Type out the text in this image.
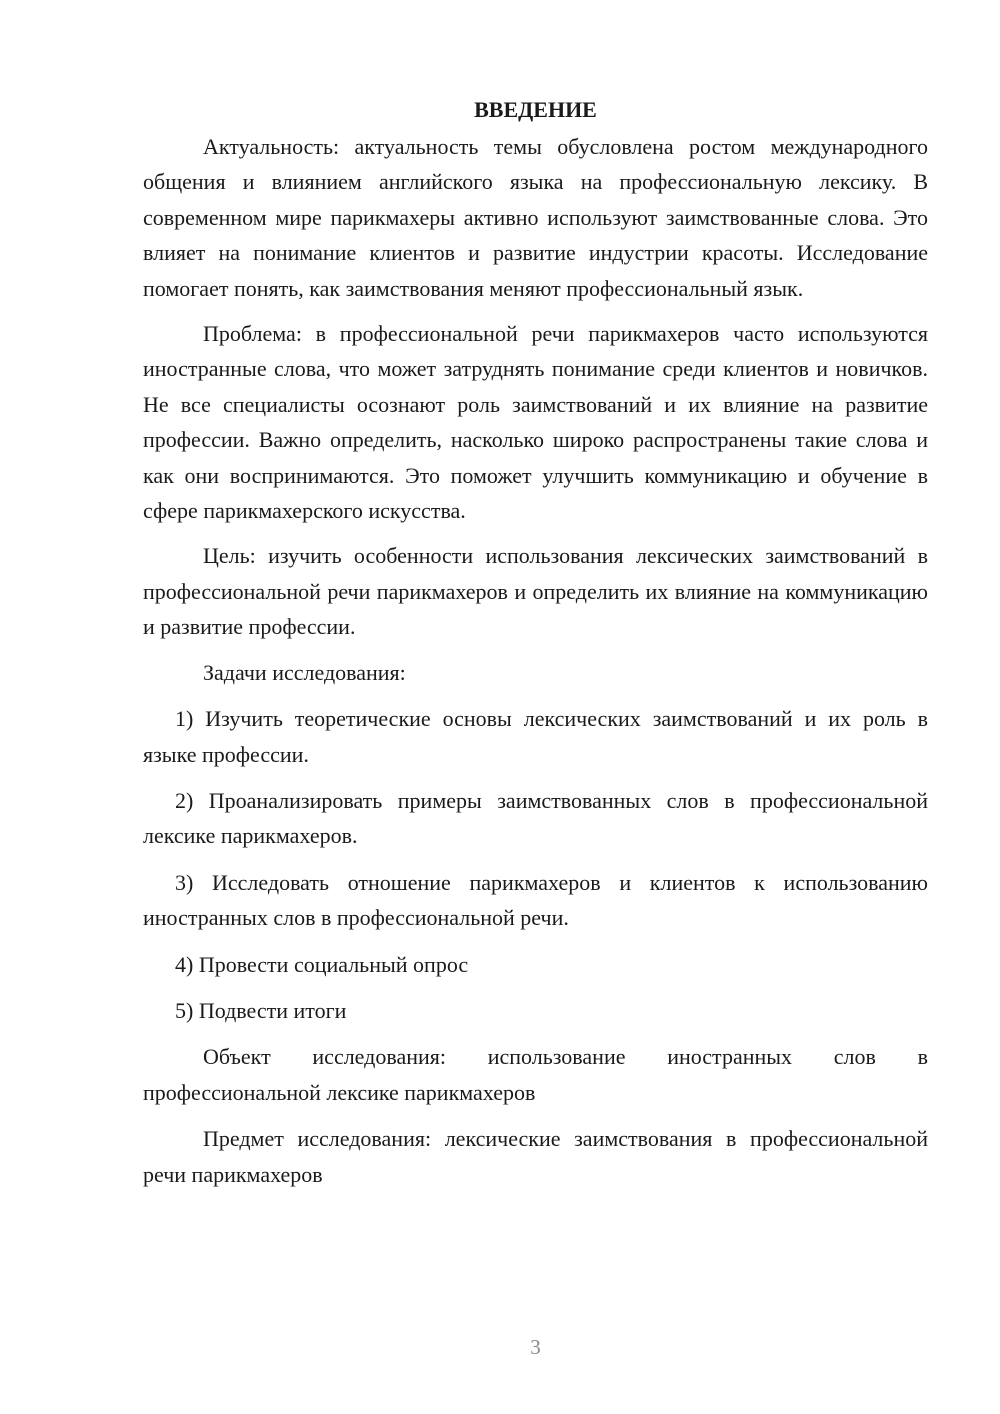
ВВЕДЕНИЕ

Актуальность: актуальность темы обусловлена ростом международного общения и влиянием английского языка на профессиональную лексику. В современном мире парикмахеры активно используют заимствованные слова. Это влияет на понимание клиентов и развитие индустрии красоты. Исследование помогает понять, как заимствования меняют профессиональный язык.

Проблема: в профессиональной речи парикмахеров часто используются иностранные слова, что может затруднять понимание среди клиентов и новичков. Не все специалисты осознают роль заимствований и их влияние на развитие профессии. Важно определить, насколько широко распространены такие слова и как они воспринимаются. Это поможет улучшить коммуникацию и обучение в сфере парикмахерского искусства.

Цель: изучить особенности использования лексических заимствований в профессиональной речи парикмахеров и определить их влияние на коммуникацию и развитие профессии.

Задачи исследования:

1) Изучить теоретические основы лексических заимствований и их роль в языке профессии.

2) Проанализировать примеры заимствованных слов в профессиональной лексике парикмахеров.

3) Исследовать отношение парикмахеров и клиентов к использованию иностранных слов в профессиональной речи.

4) Провести социальный опрос

5) Подвести итоги

Объект исследования: использование иностранных слов в профессиональной лексике парикмахеров

Предмет исследования: лексические заимствования в профессиональной речи парикмахеров

3
